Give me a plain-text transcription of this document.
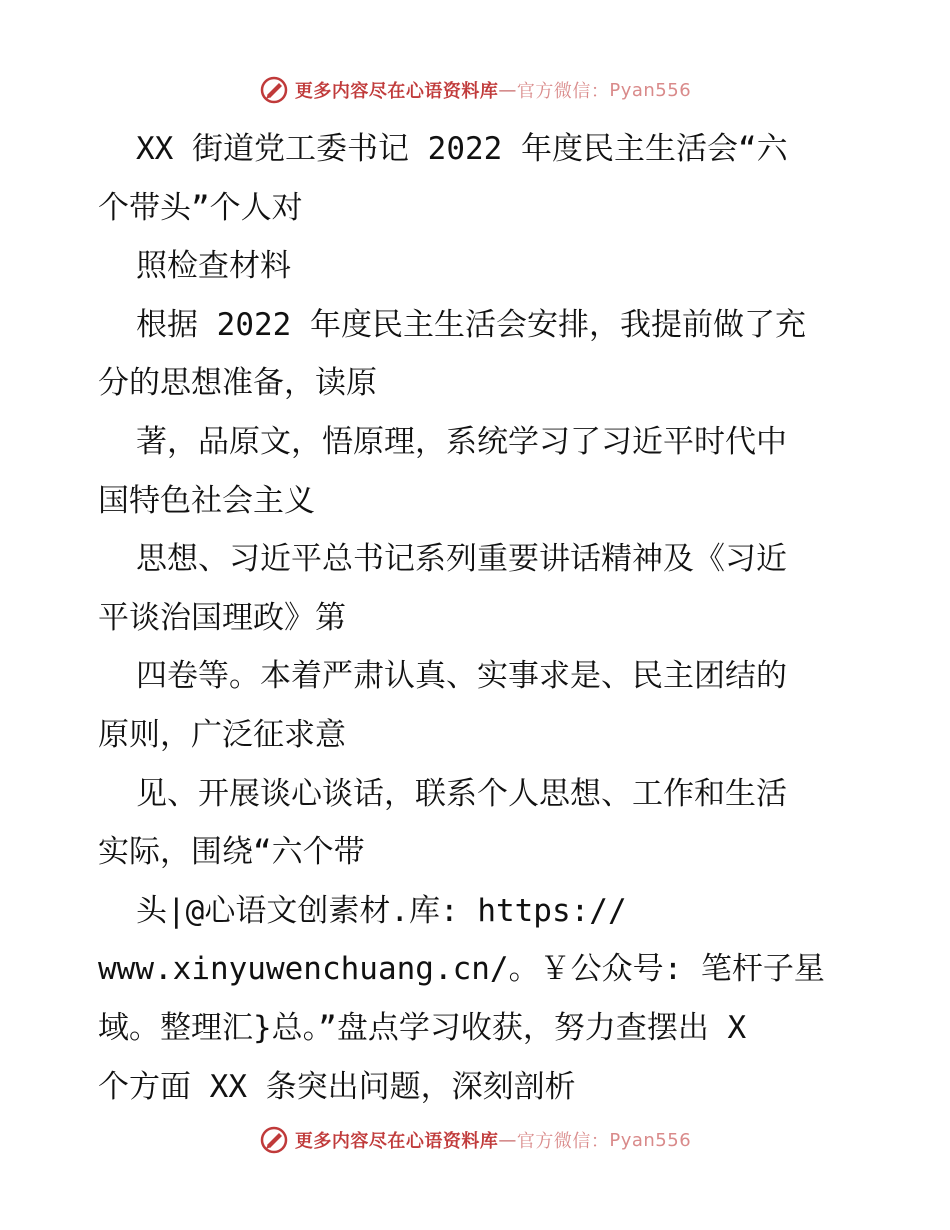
更多内容尽在心语资料库 — 官方微信： Pyan556
XX 街道党工委书记 2022 年度民主生活会“六
个带头”个人对
照检查材料
根据 2022 年度民主生活会安排，我提前做了充
分的思想准备，读原
著，品原文，悟原理，系统学习了习近平时代中
国特色社会主义
思想、习近平总书记系列重要讲话精神及《习近
平谈治国理政》第
四卷等。本着严肃认真、实事求是、民主团结的
原则，广泛征求意
见、开展谈心谈话，联系个人思想、工作和生活
实际，围绕“六个带
头|@心语文创素材.库: https://
www.xinyuwenchuang.cn/。￥公众号: 笔杆子星
域。整理汇}总。”盘点学习收获，努力查摆出 X
个方面 XX 条突出问题，深刻剖析
更多内容尽在心语资料库 — 官方微信： Pyan556
